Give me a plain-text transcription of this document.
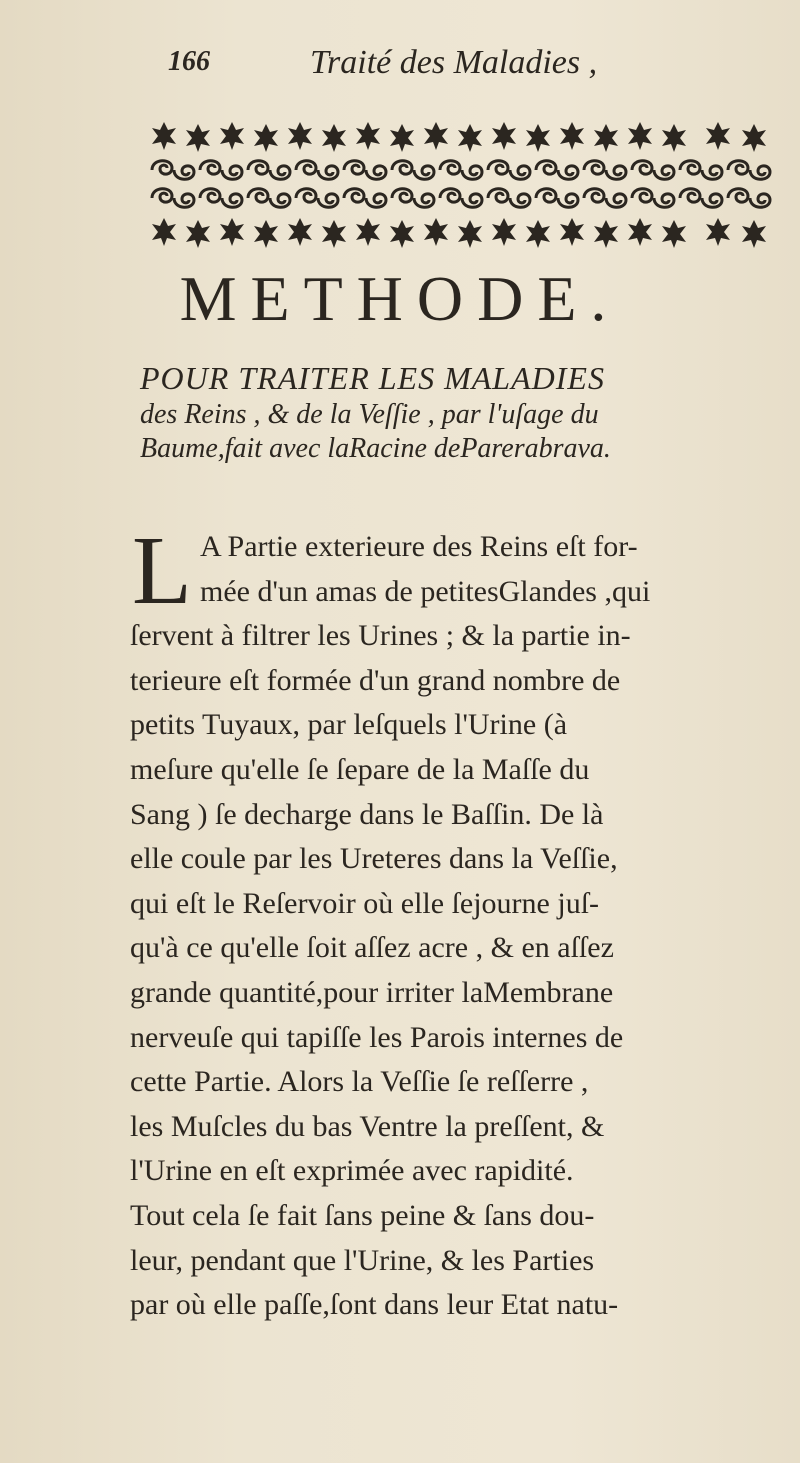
166	Traité des Maladies ,
METHODE.
POUR TRAITER LES MALADIES
des Reins , & de la Veſſie , par l'uſage du
Baume,fait avec laRacine deParerabrava.
L A Partie exterieure des Reins eſt for-
mée d'un amas de petitesGlandes ,qui
ſervent à filtrer les Urines ; & la partie in-
terieure eſt formée d'un grand nombre de
petits Tuyaux, par leſquels l'Urine (à
meſure qu'elle ſe ſepare de la Maſſe du
Sang ) ſe decharge dans le Baſſin. De là
elle coule par les Ureteres dans la Veſſie,
qui eſt le Reſervoir où elle ſejourne juſ-
qu'à ce qu'elle ſoit aſſez acre , & en aſſez
grande quantité,pour irriter laMembrane
nerveuſe qui tapiſſe les Parois internes de
cette Partie. Alors la Veſſie ſe reſſerre ,
les Muſcles du bas Ventre la preſſent, &
l'Urine en eſt exprimée avec rapidité.
Tout cela ſe fait ſans peine & ſans dou-
leur, pendant que l'Urine, & les Parties
par où elle paſſe,ſont dans leur Etat natu-
